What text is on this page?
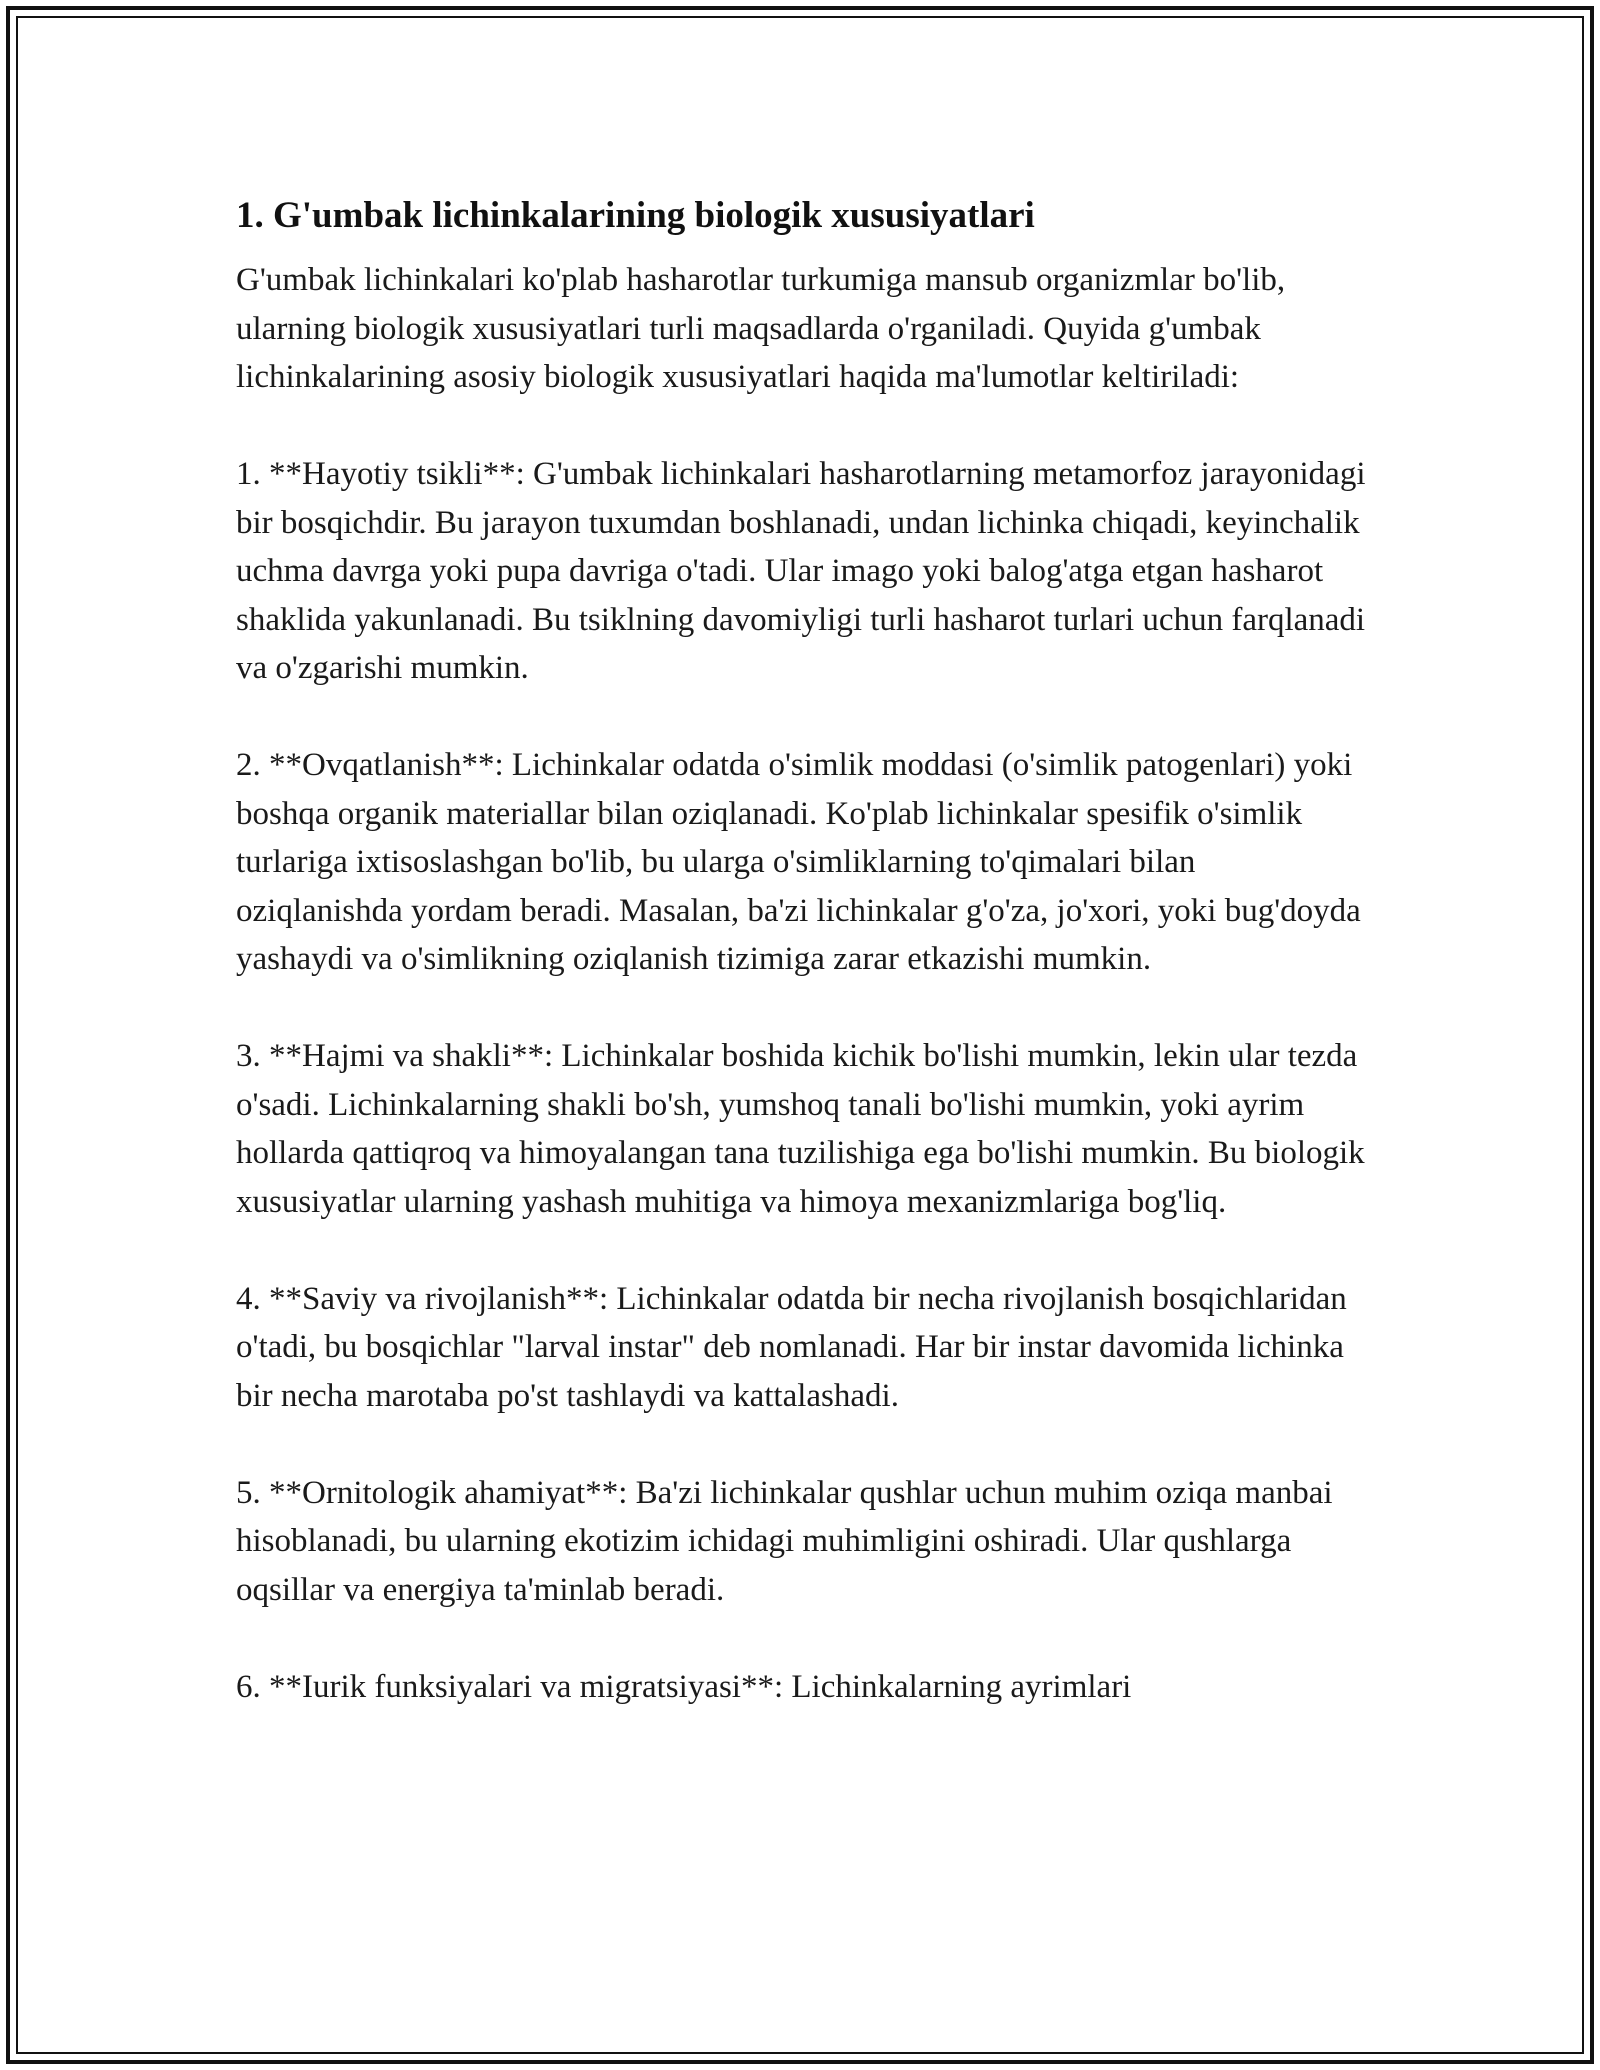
1. G'umbak lichinkalarining biologik xususiyatlari

G'umbak lichinkalari ko'plab hasharotlar turkumiga mansub organizmlar bo'lib, ularning biologik xususiyatlari turli maqsadlarda o'rganiladi. Quyida g'umbak lichinkalarining asosiy biologik xususiyatlari haqida ma'lumotlar keltiriladi:

1. **Hayotiy tsikli**: G'umbak lichinkalari hasharotlarning metamorfoz jarayonidagi bir bosqichdir. Bu jarayon tuxumdan boshlanadi, undan lichinka chiqadi, keyinchalik uchma davrga yoki pupa davriga o'tadi. Ular imago yoki balog'atga etgan hasharot shaklida yakunlanadi. Bu tsiklning davomiyligi turli hasharot turlari uchun farqlanadi va o'zgarishi mumkin.

2. **Ovqatlanish**: Lichinkalar odatda o'simlik moddasi (o'simlik patogenlari) yoki boshqa organik materiallar bilan oziqlanadi. Ko'plab lichinkalar spesifik o'simlik turlariga ixtisoslashgan bo'lib, bu ularga o'simliklarning to'qimalari bilan oziqlanishda yordam beradi. Masalan, ba'zi lichinkalar g'o'za, jo'xori, yoki bug'doyda yashaydi va o'simlikning oziqlanish tizimiga zarar etkazishi mumkin.

3. **Hajmi va shakli**: Lichinkalar boshida kichik bo'lishi mumkin, lekin ular tezda o'sadi. Lichinkalarning shakli bo'sh, yumshoq tanali bo'lishi mumkin, yoki ayrim hollarda qattiqroq va himoyalangan tana tuzilishiga ega bo'lishi mumkin. Bu biologik xususiyatlar ularning yashash muhitiga va himoya mexanizmlariga bog'liq.

4. **Saviy va rivojlanish**: Lichinkalar odatda bir necha rivojlanish bosqichlaridan o'tadi, bu bosqichlar "larval instar" deb nomlanadi. Har bir instar davomida lichinka bir necha marotaba po'st tashlaydi va kattalashadi.

5. **Ornitologik ahamiyat**: Ba'zi lichinkalar qushlar uchun muhim oziqa manbai hisoblanadi, bu ularning ekotizim ichidagi muhimligini oshiradi. Ular qushlarga oqsillar va energiya ta'minlab beradi.

6. **Iurik funksiyalari va migratsiyasi**: Lichinkalarning ayrimlari
